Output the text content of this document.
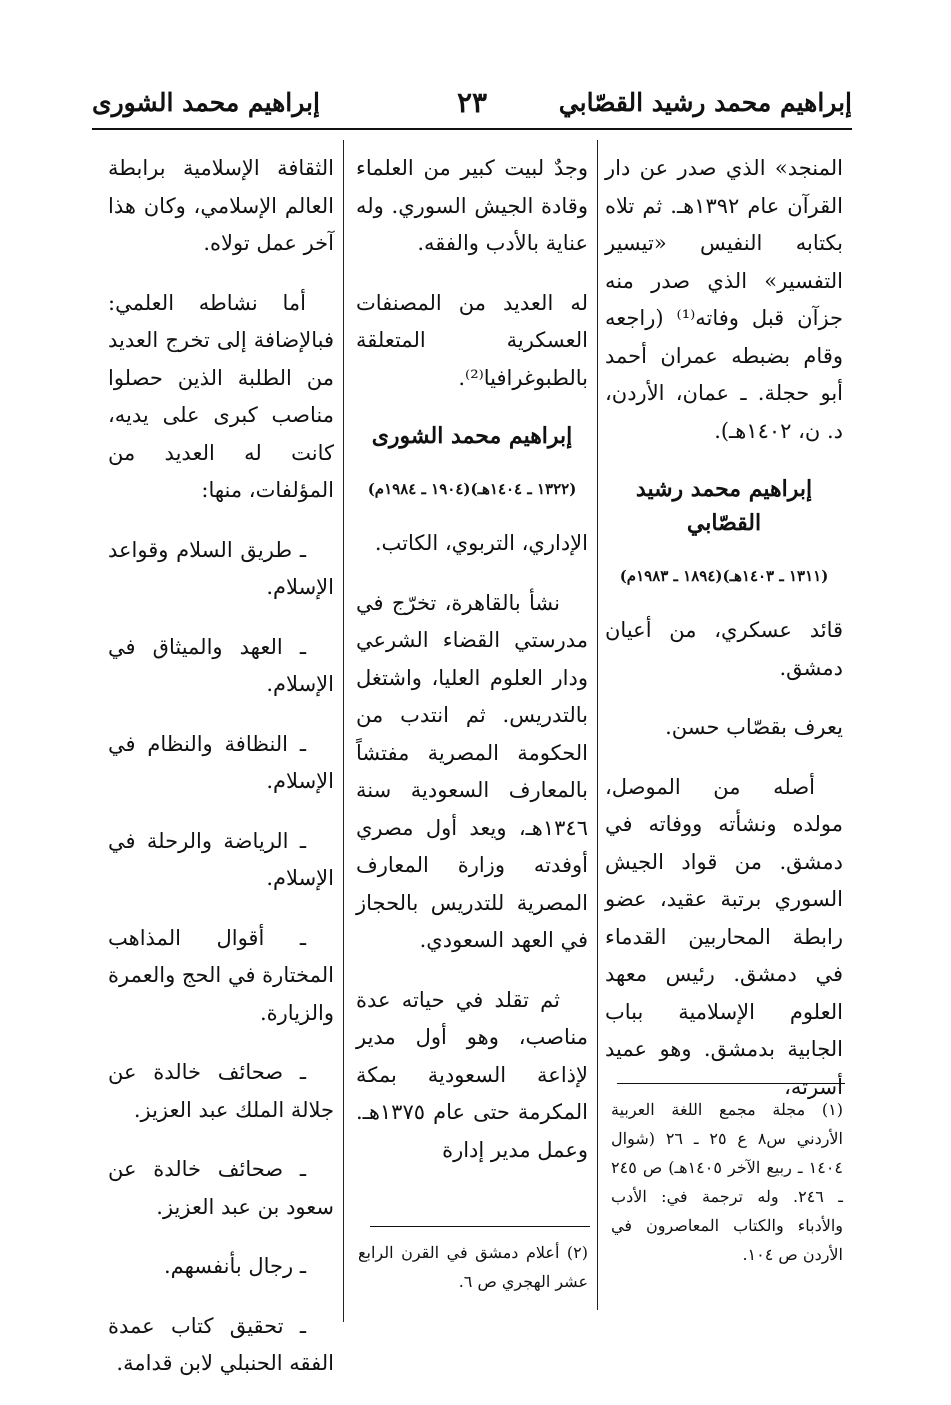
إبراهيم محمد رشيد القصّابي
٢٣
إبراهيم محمد الشورى

المنجد» الذي صدر عن دار القرآن عام ١٣٩٢هـ. ثم تلاه بكتابه النفيس «تيسير التفسير» الذي صدر منه جزآن قبل وفاته⁽¹⁾ (راجعه وقام بضبطه عمران أحمد أبو حجلة. ـ عمان، الأردن، د. ن، ١٤٠٢هـ).

إبراهيم محمد رشيد القصّابي

(١٣١١ ـ ١٤٠٣هـ)(١٨٩٤ ـ ١٩٨٣م)

قائد عسكري، من أعيان دمشق.

يعرف بقصّاب حسن.

أصله من الموصل، مولده ونشأته ووفاته في دمشق. من قواد الجيش السوري برتبة عقيد، عضو رابطة المحاربين القدماء في دمشق. رئيس معهد العلوم الإسلامية بباب الجابية بدمشق. وهو عميد أسرته،

(١) مجلة مجمع اللغة العربية الأردني س٨ ع ٢٥ ـ ٢٦ (شوال ١٤٠٤ ـ ربيع الآخر ١٤٠٥هـ) ص ٢٤٥ ـ ٢٤٦. وله ترجمة في: الأدب والأدباء والكتاب المعاصرون في الأردن ص ١٠٤.

وجدٌ لبيت كبير من العلماء وقادة الجيش السوري. وله عناية بالأدب والفقه.

له العديد من المصنفات العسكرية المتعلقة بالطبوغرافيا⁽²⁾.

إبراهيم محمد الشورى

(١٣٢٢ ـ ١٤٠٤هـ)(١٩٠٤ ـ ١٩٨٤م)

الإداري، التربوي، الكاتب.

نشأ بالقاهرة، تخرّج في مدرستي القضاء الشرعي ودار العلوم العليا، واشتغل بالتدريس. ثم انتدب من الحكومة المصرية مفتشاً بالمعارف السعودية سنة ١٣٤٦هـ، ويعد أول مصري أوفدته وزارة المعارف المصرية للتدريس بالحجاز في العهد السعودي.

ثم تقلد في حياته عدة مناصب، وهو أول مدير لإذاعة السعودية بمكة المكرمة حتى عام ١٣٧٥هـ. وعمل مدير إدارة

(٢) أعلام دمشق في القرن الرابع عشر الهجري ص ٦.

الثقافة الإسلامية برابطة العالم الإسلامي، وكان هذا آخر عمل تولاه.

أما نشاطه العلمي: فبالإضافة إلى تخرج العديد من الطلبة الذين حصلوا مناصب كبرى على يديه، كانت له العديد من المؤلفات، منها:

ـ طريق السلام وقواعد الإسلام.

ـ العهد والميثاق في الإسلام.

ـ النظافة والنظام في الإسلام.

ـ الرياضة والرحلة في الإسلام.

ـ أقوال المذاهب المختارة في الحج والعمرة والزيارة.

ـ صحائف خالدة عن جلالة الملك عبد العزيز.

ـ صحائف خالدة عن سعود بن عبد العزيز.

ـ رجال بأنفسهم.

ـ تحقيق كتاب عمدة الفقه الحنبلي لابن قدامة.
